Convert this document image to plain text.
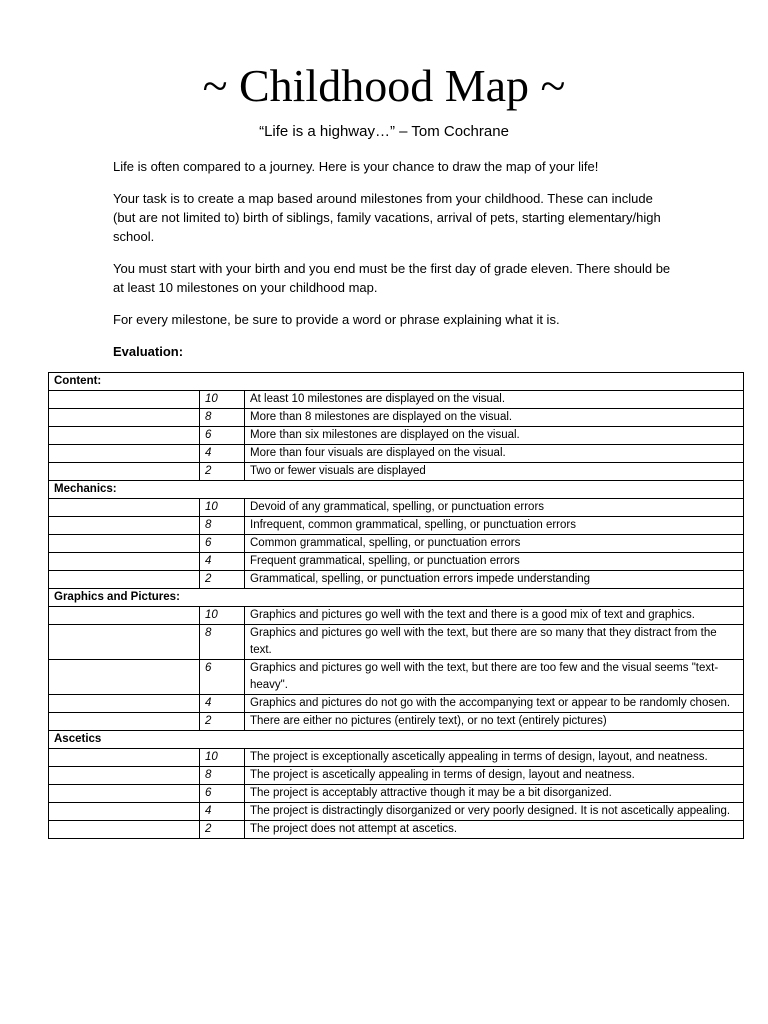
~ Childhood Map ~
“Life is a highway…” – Tom Cochrane

Life is often compared to a journey. Here is your chance to draw the map of your life!

Your task is to create a map based around milestones from your childhood. These can include (but are not limited to) birth of siblings, family vacations, arrival of pets, starting elementary/high school.

You must start with your birth and you end must be the first day of grade eleven. There should be at least 10 milestones on your childhood map.

For every milestone, be sure to provide a word or phrase explaining what it is.

Evaluation:
Content:		
	10	At least 10 milestones are displayed on the visual.
	8	More than 8 milestones are displayed on the visual.
	6	More than six milestones are displayed on the visual.
	4	More than four visuals are displayed on the visual.
	2	Two or fewer visuals are displayed
Mechanics:		
	10	Devoid of any grammatical, spelling, or punctuation errors
	8	Infrequent, common grammatical, spelling, or punctuation errors
	6	Common grammatical, spelling, or punctuation errors
	4	Frequent grammatical, spelling, or punctuation errors
	2	Grammatical, spelling, or punctuation errors impede understanding
Graphics and Pictures:		
	10	Graphics and pictures go well with the text and there is a good mix of text and graphics.
	8	Graphics and pictures go well with the text, but there are so many that they distract from the text.
	6	Graphics and pictures go well with the text, but there are too few and the visual seems "text-heavy".
	4	Graphics and pictures do not go with the accompanying text or appear to be randomly chosen.
	2	There are either no pictures (entirely text), or no text (entirely pictures)
Ascetics		
	10	The project is exceptionally ascetically appealing in terms of design, layout, and neatness.
	8	The project is ascetically appealing in terms of design, layout and neatness.
	6	The project is acceptably attractive though it may be a bit disorganized.
	4	The project is distractingly disorganized or very poorly designed. It is not ascetically appealing.
	2	The project does not attempt at ascetics.
